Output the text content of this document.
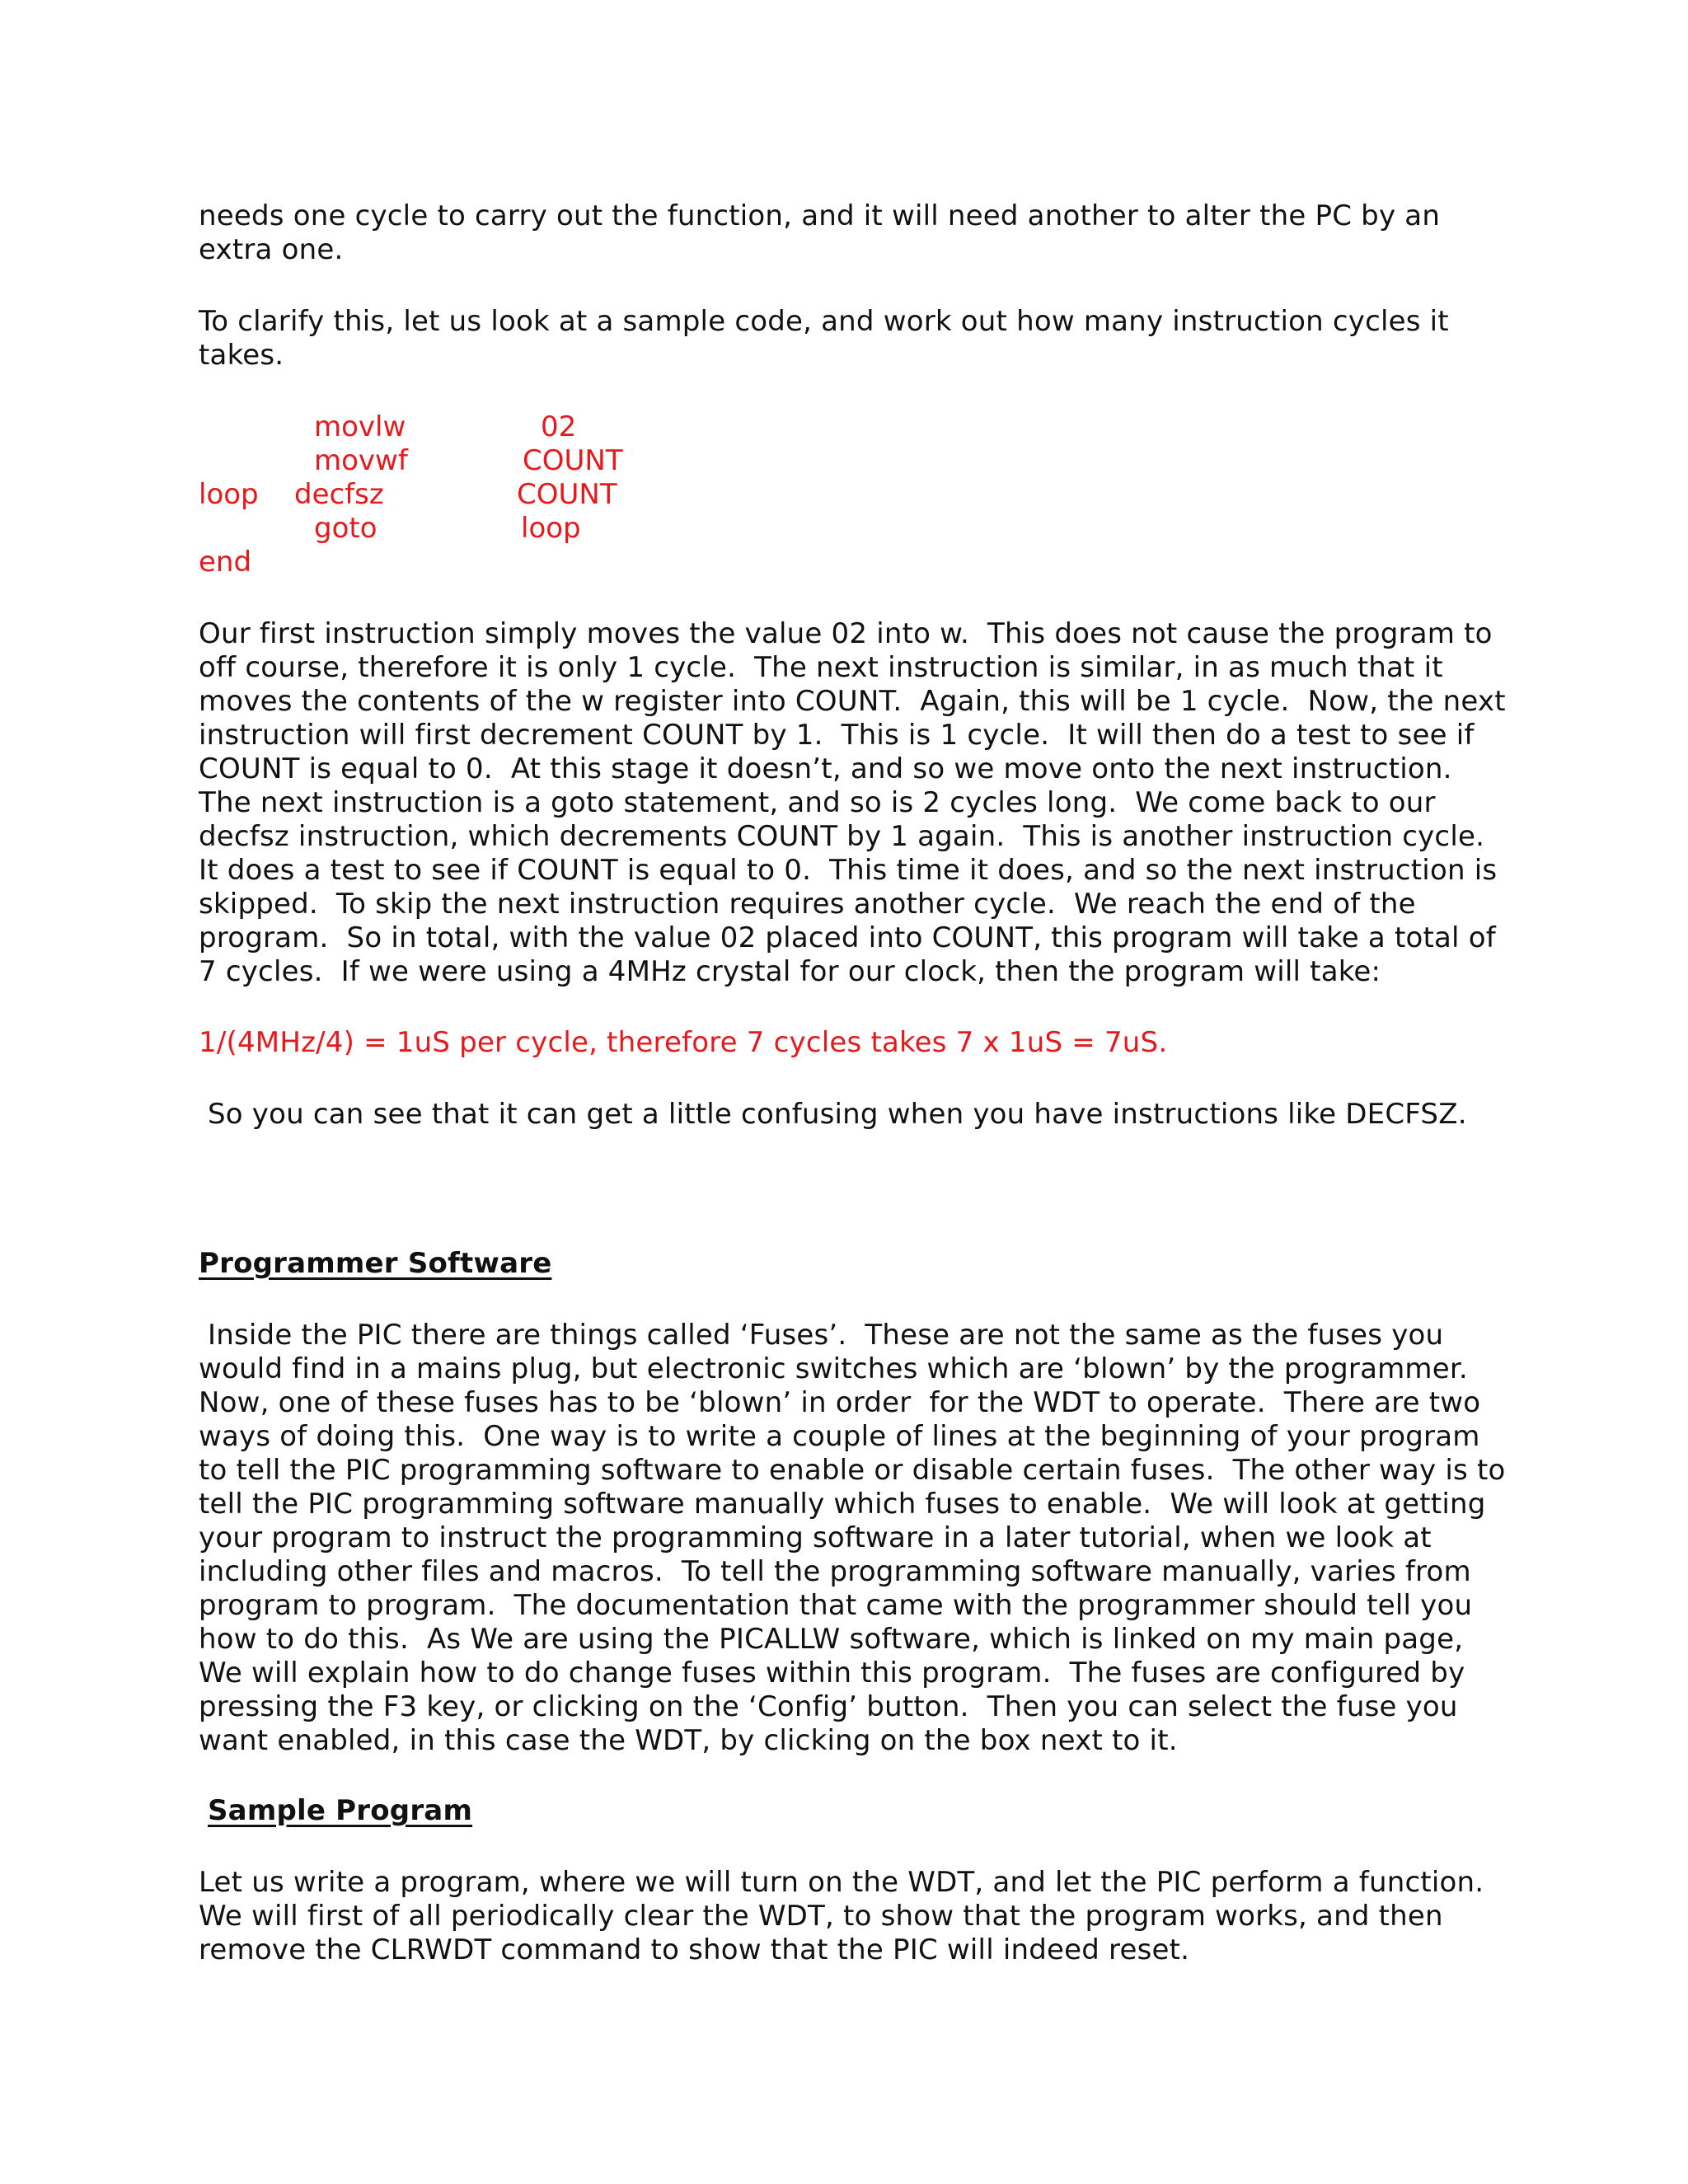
needs one cycle to carry out the function, and it will need another to alter the PC by an
extra one.
To clarify this, let us look at a sample code, and work out how many instruction cycles it
takes.
movlw	02
movwf	COUNT
loop decfsz	COUNT
goto	loop
end
Our first instruction simply moves the value 02 into w.  This does not cause the program to
off course, therefore it is only 1 cycle.  The next instruction is similar, in as much that it
moves the contents of the w register into COUNT.  Again, this will be 1 cycle.  Now, the next
instruction will first decrement COUNT by 1.  This is 1 cycle.  It will then do a test to see if
COUNT is equal to 0.  At this stage it doesn’t, and so we move onto the next instruction.
The next instruction is a goto statement, and so is 2 cycles long.  We come back to our
decfsz instruction, which decrements COUNT by 1 again.  This is another instruction cycle.
It does a test to see if COUNT is equal to 0.  This time it does, and so the next instruction is
skipped.  To skip the next instruction requires another cycle.  We reach the end of the
program.  So in total, with the value 02 placed into COUNT, this program will take a total of
7 cycles.  If we were using a 4MHz crystal for our clock, then the program will take:
1/(4MHz/4) = 1uS per cycle, therefore 7 cycles takes 7 x 1uS = 7uS.
So you can see that it can get a little confusing when you have instructions like DECFSZ.
Programmer Software
Inside the PIC there are things called ‘Fuses’.  These are not the same as the fuses you
would find in a mains plug, but electronic switches which are ‘blown’ by the programmer.
Now, one of these fuses has to be ‘blown’ in order  for the WDT to operate.  There are two
ways of doing this.  One way is to write a couple of lines at the beginning of your program
to tell the PIC programming software to enable or disable certain fuses.  The other way is to
tell the PIC programming software manually which fuses to enable.  We will look at getting
your program to instruct the programming software in a later tutorial, when we look at
including other files and macros.  To tell the programming software manually, varies from
program to program.  The documentation that came with the programmer should tell you
how to do this.  As We are using the PICALLW software, which is linked on my main page,
We will explain how to do change fuses within this program.  The fuses are configured by
pressing the F3 key, or clicking on the ‘Config’ button.  Then you can select the fuse you
want enabled, in this case the WDT, by clicking on the box next to it.
Sample Program
Let us write a program, where we will turn on the WDT, and let the PIC perform a function.
We will first of all periodically clear the WDT, to show that the program works, and then
remove the CLRWDT command to show that the PIC will indeed reset.
